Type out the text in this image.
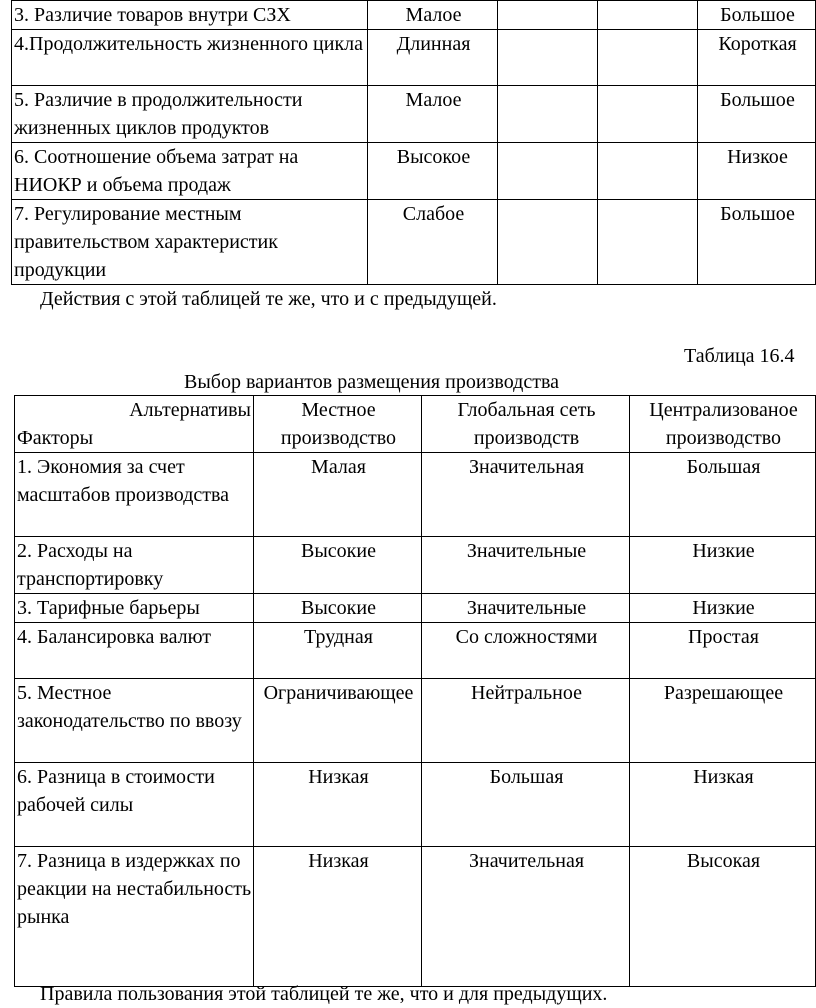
3. Различие товаров внутри СЗХ	Малое			Большое
4.Продолжительность жизненного цикла	Длинная			Короткая
5. Различие в продолжительности жизненных циклов продуктов	Малое			Большое
6. Соотношение объема затрат на НИОКР и объема продаж	Высокое			Низкое
7. Регулирование местным правительством характеристик продукции	Слабое			Большое
Действия с этой таблицей те же, что и с предыдущей.
Таблица 16.4
Выбор вариантов размещения производства
Альтернативы
Факторы	Местное производство	Глобальная сеть производств	Централизованое производство
1. Экономия за счет масштабов производства	Малая	Значительная	Большая
2. Расходы на транспортировку	Высокие	Значительные	Низкие
3. Тарифные барьеры	Высокие	Значительные	Низкие
4. Балансировка валют	Трудная	Со сложностями	Простая
5. Местное законодательство по ввозу	Ограничивающее	Нейтральное	Разрешающее
6. Разница в стоимости рабочей силы	Низкая	Большая	Низкая
7. Разница в издержках по реакции на нестабильность рынка	Низкая	Значительная	Высокая
Правила пользования этой таблицей те же, что и для предыдущих.
